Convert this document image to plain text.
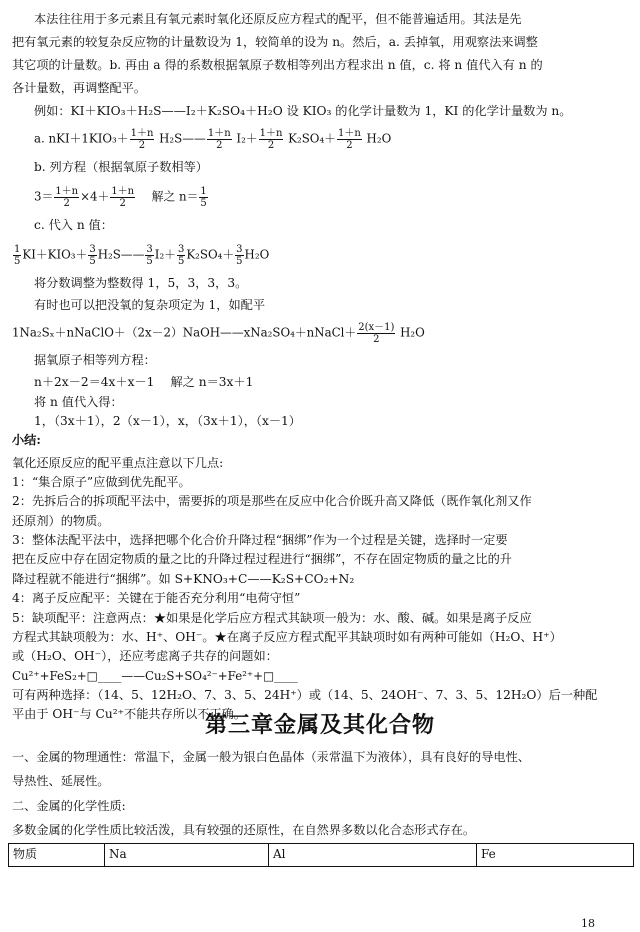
本法往往用于多元素且有氧元素时氧化还原反应方程式的配平，但不能普遍适用。其法是先
把有氧元素的较复杂反应物的计量数设为 1，较简单的设为 n。然后，a. 丢掉氧，用观察法来调整
其它项的计量数。b. 再由 a 得的系数根据氧原子数相等列出方程求出 n 值，c. 将 n 值代入有 n 的
各计量数，再调整配平。
例如：KI＋KIO₃＋H₂S——I₂＋K₂SO₄＋H₂O 设 KIO₃ 的化学计量数为 1，KI 的化学计量数为 n。
a. $nKI+1KIO_3+ \frac{1+n}{2}$ H₂S—— $\frac{1+n}{2} I_2+ \frac{1+n}{2} K_2SO_4+ \frac{1+n}{2} H_2O$
b. 列方程（根据氧原子数相等）
$3= \frac{1+n}{2} \times 4+ \frac{1+n}{2}$ 　 解之 $n= \frac{1}{5}$
c. 代入 n 值：
$\frac{1}{5} KI+KIO_3+ \frac{3}{5}$ H₂S—— $\frac{3}{5} I_2+ \frac{3}{5} K_2SO_4+ \frac{3}{5} H_2O$
将分数调整为整数得 1，5，3，3，3。
有时也可以把没氧的复杂项定为 1，如配平
1Na₂Sₓ＋nNaClO＋（2x－2）NaOH——xNa₂SO₄＋nNaCl＋ $\frac{2(x-1)}{2} H_2O$
据氧原子相等列方程：
n＋2x－2＝4x＋x－1　 解之 n＝3x＋1
将 n 值代入得：
1，（3x＋1），2（x－1），x，（3x＋1），（x－1）
小结:
氧化还原反应的配平重点注意以下几点:
1：“集合原子”应做到优先配平。
2：先拆后合的拆项配平法中，需要拆的项是那些在反应中化合价既升高又降低（既作氧化剂又作
还原剂）的物质。
3：整体法配平法中，选择把哪个化合价升降过程“捆绑”作为一个过程是关键，选择时一定要
把在反应中存在固定物质的量之比的升降过程过程进行“捆绑”，不存在固定物质的量之比的升
降过程就不能进行“捆绑”。如 S+KNO₃+C——K₂S+CO₂+N₂
4：离子反应配平：关键在于能否充分利用“电荷守恒”
5：缺项配平：注意两点：★如果是化学后应方程式其缺项一般为：水、酸、碱。如果是离子反应
方程式其缺项般为：水、H⁺、OH⁻。★在离子反应方程式配平其缺项时如有两种可能如（H₂O、H⁺）
或（H₂O、OH⁻），还应考虑离子共存的问题如：
Cu²⁺+FeS₂+□____——Cu₂S+SO₄²⁻+Fe²⁺+□____
可有两种选择：（14、5、12H₂O、7、3、5、24H⁺）或（14、5、24OH⁻、7、3、5、12H₂O）后一种配
平由于 OH⁻与 Cu²⁺不能共存所以不正确。
第三章金属及其化合物
一、金属的物理通性：常温下，金属一般为银白色晶体（汞常温下为液体），具有良好的导电性、
导热性、延展性。
二、金属的化学性质:
多数金属的化学性质比较活泼，具有较强的还原性，在自然界多数以化合态形式存在。
物质	Na	Al	Fe
18
